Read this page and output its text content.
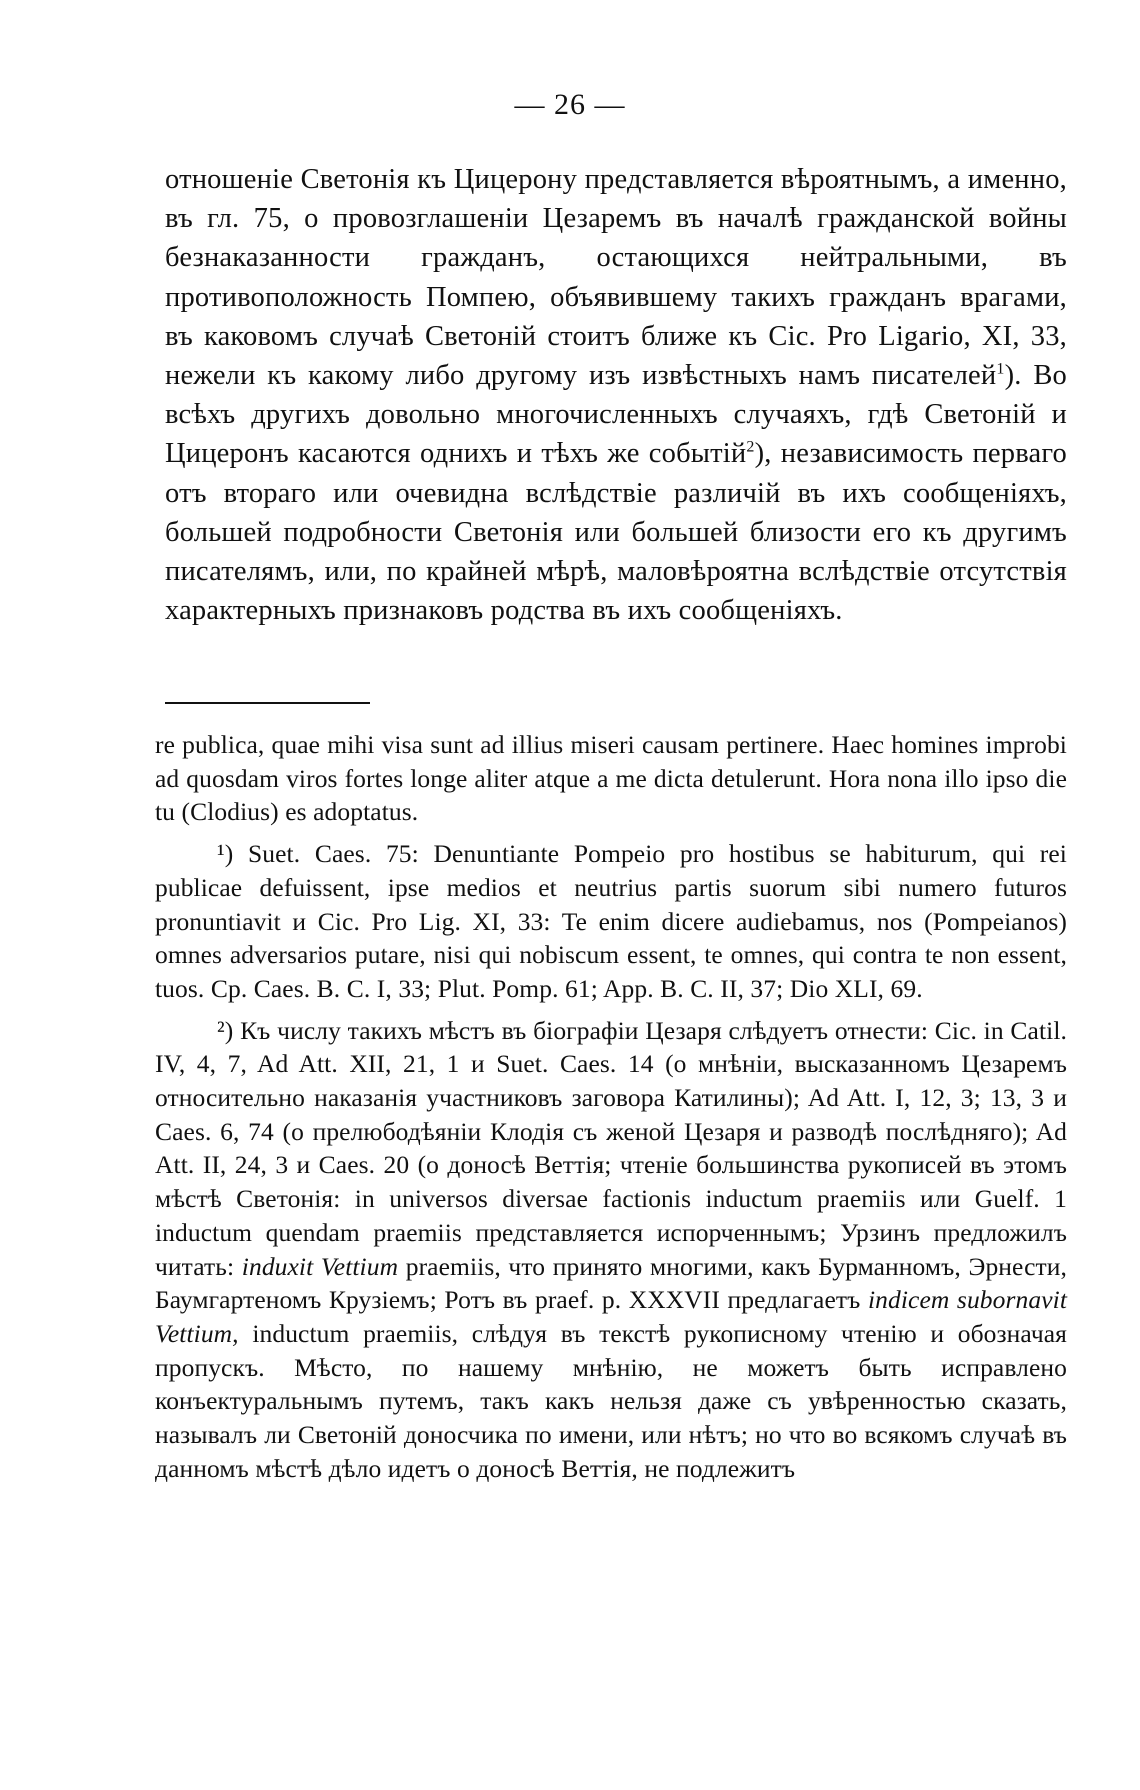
— 26 —

отношеніе Светонія къ Цицерону представляется вѣроятнымъ, а именно, въ гл. 75, о провозглашеніи Цезаремъ въ началѣ гражданской войны безнаказанности гражданъ, остающихся нейтральными, въ противоположность Помпею, объявившему такихъ гражданъ врагами, въ каковомъ случаѣ Светоній стоитъ ближе къ Cic. Pro Ligario, XI, 33, нежели къ какому либо другому изъ извѣстныхъ намъ писателей$^1$). Во всѣхъ другихъ довольно многочисленныхъ случаяхъ, гдѣ Светоній и Цицеронъ касаются однихъ и тѣхъ же событій$^2$), независимость перваго отъ втораго или очевидна вслѣдствіе различій въ ихъ сообщеніяхъ, большей подробности Светонія или большей близости его къ другимъ писателямъ, или, по крайней мѣрѣ, маловѣроятна вслѣдствіе отсутствія характерныхъ признаковъ родства въ ихъ сообщеніяхъ.

re publica, quae mihi visa sunt ad illius miseri causam pertinere. Haec homines improbi ad quosdam viros fortes longe aliter atque a me dicta detulerunt. Hora nona illo ipso die tu (Clodius) es adoptatus.

¹) Suet. Caes. 75: Denuntiante Pompeio pro hostibus se habiturum, qui rei publicae defuissent, ipse medios et neutrius partis suorum sibi numero futuros pronuntiavit и Cic. Pro Lig. XI, 33: Te enim dicere audiebamus, nos (Pompeianos) omnes adversarios putare, nisi qui nobiscum essent, te omnes, qui contra te non essent, tuos. Cp. Caes. B. C. I, 33; Plut. Pomp. 61; App. B. C. II, 37; Dio XLI, 69.

²) Къ числу такихъ мѣстъ въ біографіи Цезаря слѣдуетъ отнести: Cic. in Catil. IV, 4, 7, Ad Att. XII, 21, 1 и Suet. Caes. 14 (о мнѣніи, высказанномъ Цезаремъ относительно наказанія участниковъ заговора Катилины); Ad Att. I, 12, 3; 13, 3 и Caes. 6, 74 (о прелюбодѣяніи Клодія съ женой Цезаря и разводѣ послѣдняго); Ad Att. II, 24, 3 и Caes. 20 (о доносѣ Веттія; чтеніе большинства рукописей въ этомъ мѣстѣ Светонія: in universos diversae factionis inductum praemiis или Guelf. 1 inductum quendam praemiis представляется испорченнымъ; Урзинъ предложилъ читать: induxit Vettium praemiis, что принято многими, какъ Бурманномъ, Эрнести, Баумгартеномъ Крузіемъ; Ротъ въ praef. p. XXXVII предлагаетъ indicem subornavit Vettium, inductum praemiis, слѣдуя въ текстѣ рукописному чтенію и обозначая пропускъ. Мѣсто, по нашему мнѣнію, не можетъ быть исправлено конъектуральнымъ путемъ, такъ какъ нельзя даже съ увѣренностью сказать, называлъ ли Светоній доносчика по имени, или нѣтъ; но что во всякомъ случаѣ въ данномъ мѣстѣ дѣло идетъ о доносѣ Веттія, не подлежитъ
